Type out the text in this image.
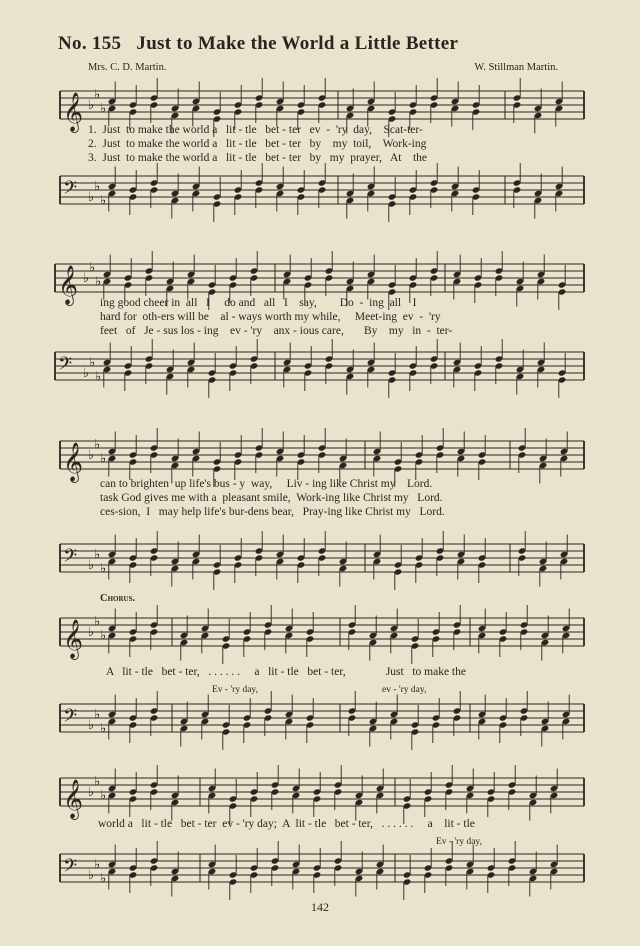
No. 155 Just to Make the World a Little Better
Mrs. C. D. Martin.	W. Stillman Martin.
𝄞 ♭
♭
♭
1.  Just  to make the world a   lit - tle   bet - ter   ev  -  'ry  day,    Scat-ter-
2.  Just  to make the world a   lit - tle   bet - ter   by    my  toil,    Work-ing
3.  Just  to make the world a   lit - tle   bet - ter   by   my  prayer,   At    the
𝄢 ♭
♭
♭
𝄞 ♭
♭
♭
ing good cheer in  all   I     do and   all   I    say,        Do  -  ing  all    I
hard for  oth-ers will be    al - ways worth my while,     Meet-ing  ev  -  'ry
feet   of   Je - sus los - ing    ev - 'ry    anx - ious care,       By    my   in  -  ter-
𝄢 ♭
♭
♭
𝄞 ♭
♭
♭
can to brighten  up life's bus - y  way,     Liv - ing like Christ my    Lord.
task God gives me with a  pleasant smile,  Work-ing like Christ my   Lord.
ces-sion,  I   may help life's bur-dens bear,   Pray-ing like Christ my   Lord.
𝄢 ♭
♭
♭
Chorus.
𝄞 ♭
♭
♭
A   lit - tle   bet - ter,   . . . . . .     a   lit - tle   bet - ter,              Just   to make the
Ev - 'ry day,	ev - 'ry day,
𝄢 ♭
♭
♭
𝄞 ♭
♭
♭
world a   lit - tle   bet - ter  ev - 'ry day;  A  lit - tle   bet - ter,   . . . . . .     a    lit - tle
Ev - 'ry day,
𝄢 ♭
♭
♭
142
